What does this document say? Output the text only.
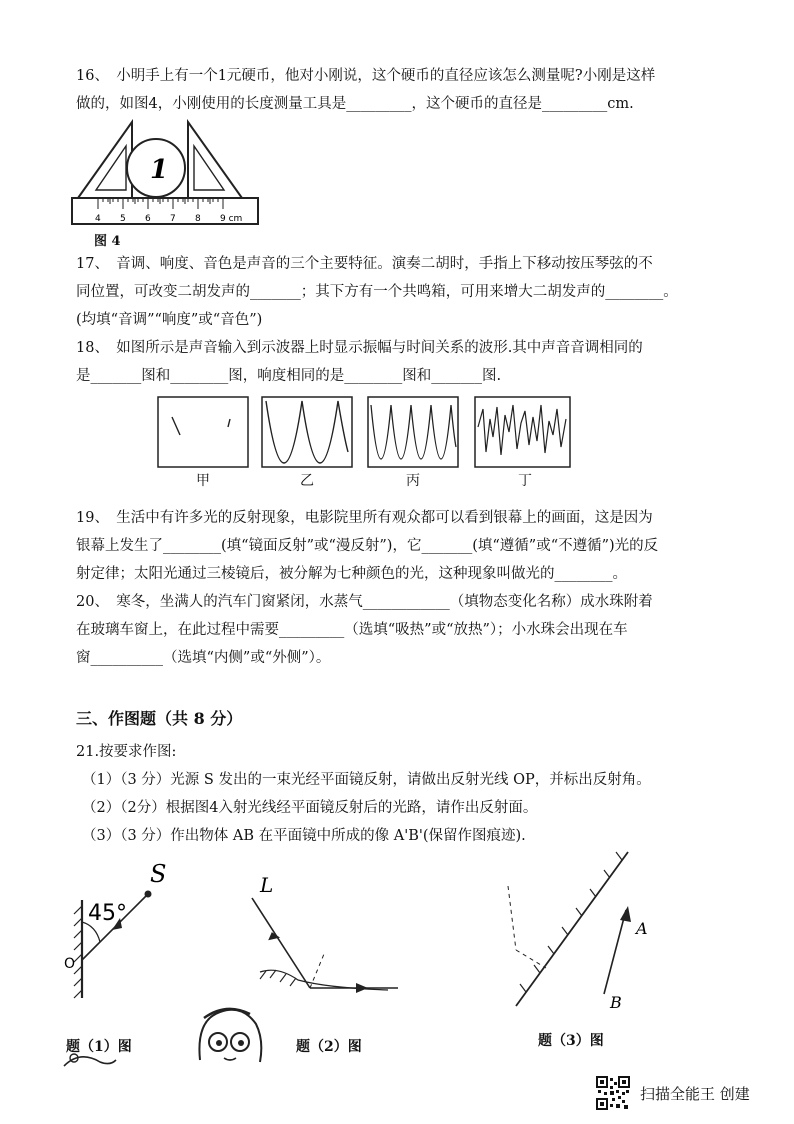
16、　小明手上有一个1元硬币，他对小刚说，这个硬币的直径应该怎么测量呢?小刚是这样
做的，如图4，小刚使用的长度测量工具是_________，这个硬币的直径是_________cm.
1
4 5 6 7 8 9 cm
图 4
17、　音调、响度、音色是声音的三个主要特征。演奏二胡时，手指上下移动按压琴弦的不
同位置，可改变二胡发声的_______；其下方有一个共鸣箱，可用来增大二胡发声的________。
(均填“音调”“响度”或“音色”)
18、　如图所示是声音输入到示波器上时显示振幅与时间关系的波形.其中声音音调相同的
是_______图和________图，响度相同的是________图和_______图.
甲	乙	丙	丁
19、　生活中有许多光的反射现象，电影院里所有观众都可以看到银幕上的画面，这是因为
银幕上发生了________(填“镜面反射”或“漫反射”)，它_______(填“遵循”或“不遵循”)光的反
射定律；太阳光通过三棱镜后，被分解为七种颜色的光，这种现象叫做光的________。
20、　寒冬，坐满人的汽车门窗紧闭，水蒸气____________（填物态变化名称）成水珠附着
在玻璃车窗上，在此过程中需要_________（选填“吸热”或“放热”）；小水珠会出现在车
窗__________（选填“内侧”或“外侧”）。
三、作图题（共 8 分）
21.按要求作图:
（1）（3 分）光源 S 发出的一束光经平面镜反射，请做出反射光线 OP，并标出反射角。
（2）（2分）根据图4入射光线经平面镜反射后的光路，请作出反射面。
（3）（3 分）作出物体 AB 在平面镜中所成的像 A'B'(保留作图痕迹).
45°
S
O
题（1）图
L
题（2）图
A
B
题（3）图
扫描全能王 创建
